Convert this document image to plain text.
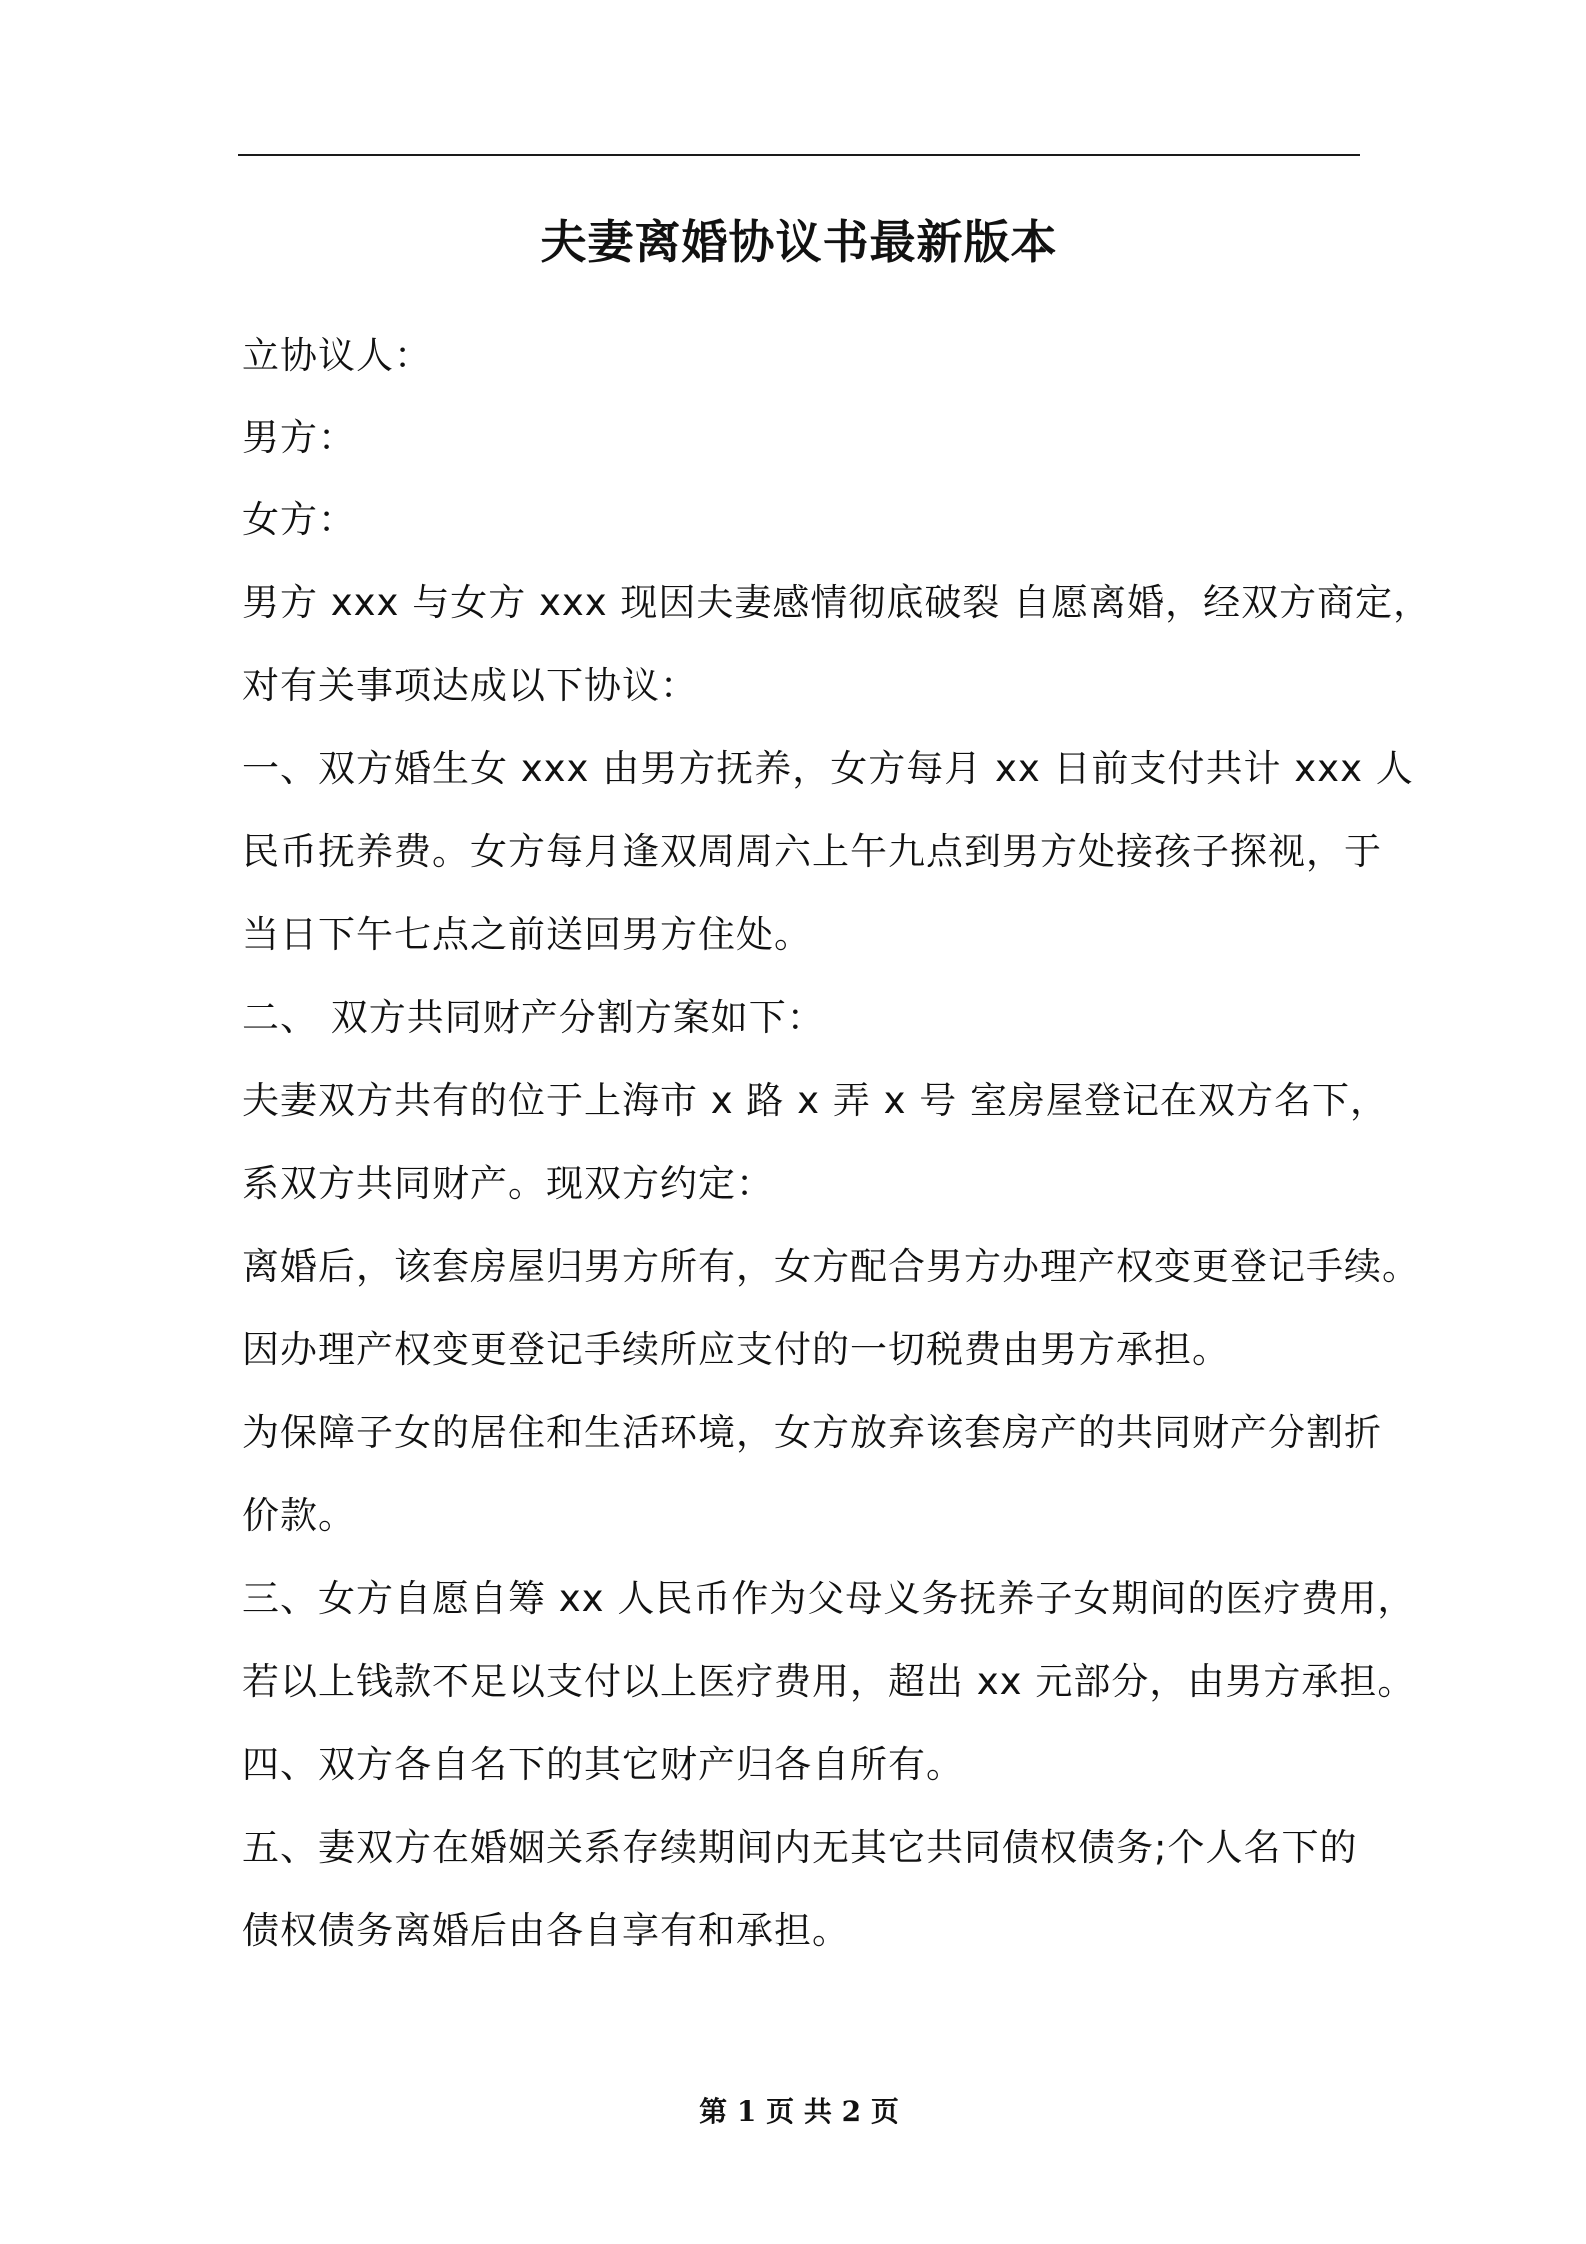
夫妻离婚协议书最新版本
立协议人：
男方：
女方：
男方 xxx 与女方 xxx 现因夫妻感情彻底破裂 自愿离婚，经双方商定，
对有关事项达成以下协议：
一、双方婚生女 xxx 由男方抚养，女方每月 xx 日前支付共计 xxx 人
民币抚养费。女方每月逢双周周六上午九点到男方处接孩子探视，于
当日下午七点之前送回男方住处。
二、 双方共同财产分割方案如下：
夫妻双方共有的位于上海市 x 路 x 弄 x 号 室房屋登记在双方名下，
系双方共同财产。现双方约定：
离婚后，该套房屋归男方所有，女方配合男方办理产权变更登记手续。
因办理产权变更登记手续所应支付的一切税费由男方承担。
为保障子女的居住和生活环境，女方放弃该套房产的共同财产分割折
价款。
三、女方自愿自筹 xx 人民币作为父母义务抚养子女期间的医疗费用，
若以上钱款不足以支付以上医疗费用，超出 xx 元部分，由男方承担。
四、双方各自名下的其它财产归各自所有。
五、妻双方在婚姻关系存续期间内无其它共同债权债务;个人名下的
债权债务离婚后由各自享有和承担。
第 1 页 共 2 页
